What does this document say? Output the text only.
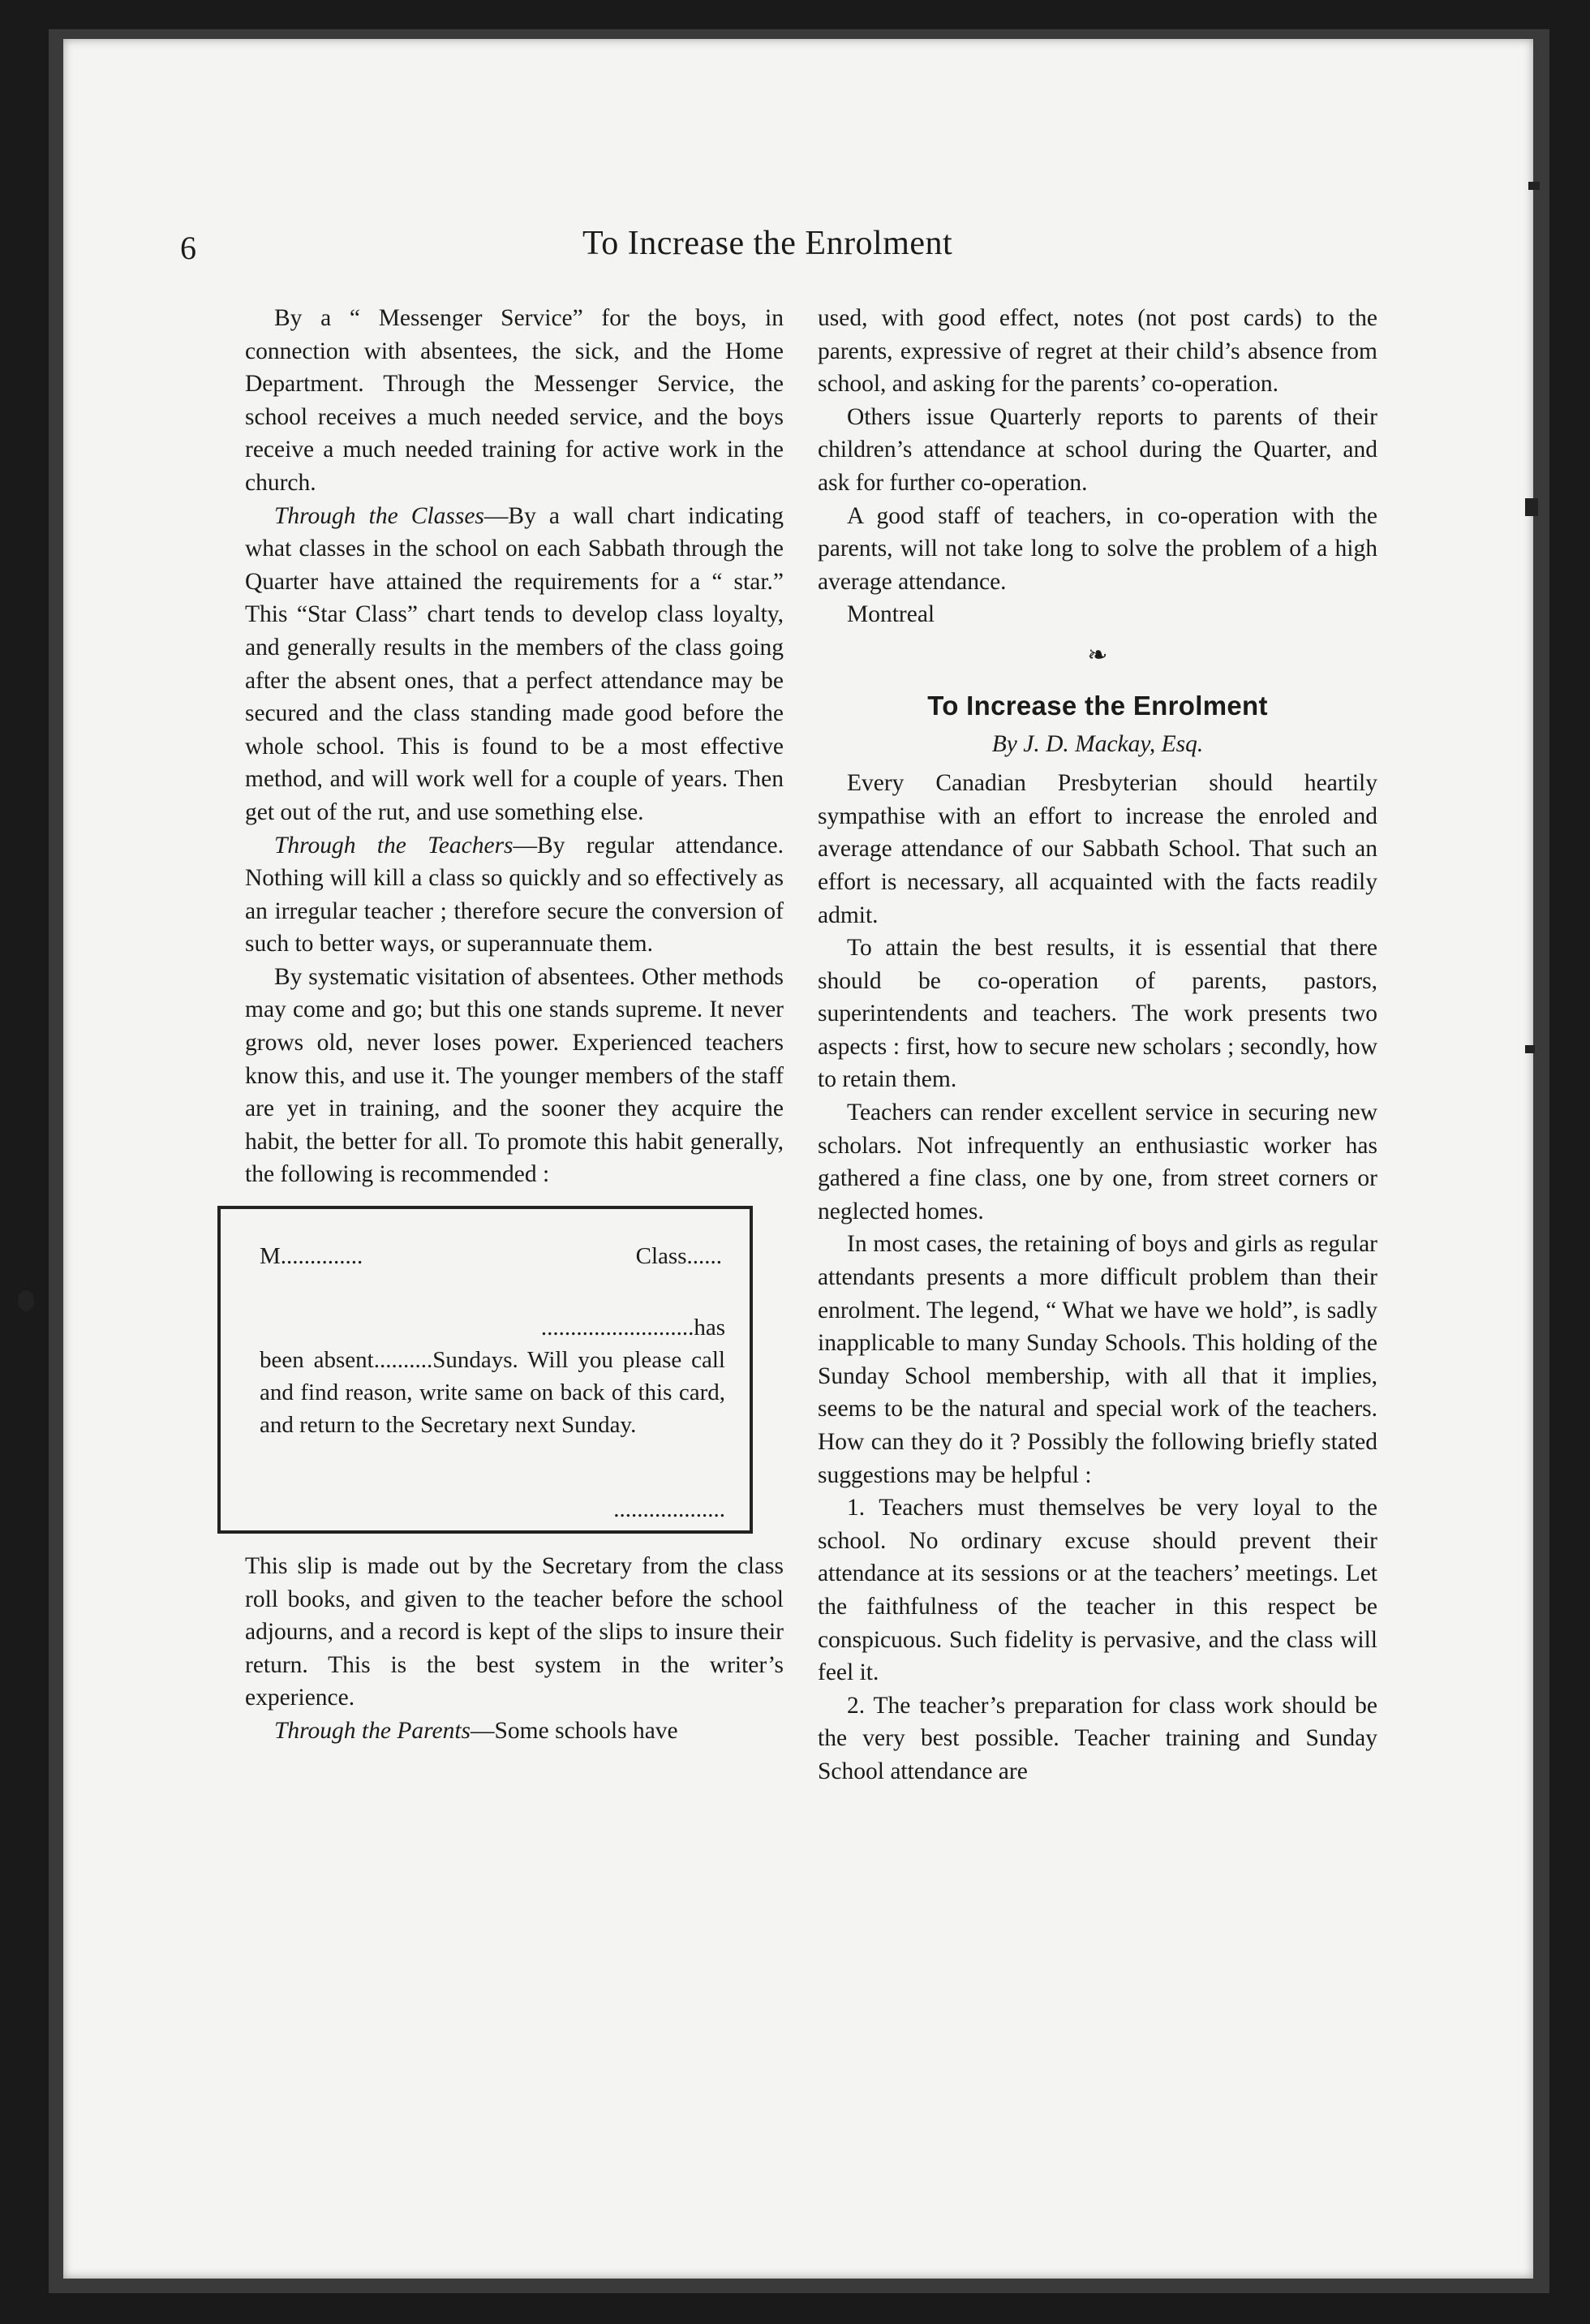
6	To Increase the Enrolment

By a “ Messenger Service” for the boys, in connection with absentees, the sick, and the Home Department. Through the Messenger Service, the school receives a much needed service, and the boys receive a much needed training for active work in the church.

Through the Classes—By a wall chart indicating what classes in the school on each Sabbath through the Quarter have attained the requirements for a “ star.” This “Star Class” chart tends to develop class loyalty, and generally results in the members of the class going after the absent ones, that a perfect attendance may be secured and the class standing made good before the whole school. This is found to be a most effective method, and will work well for a couple of years. Then get out of the rut, and use something else.

Through the Teachers—By regular attendance. Nothing will kill a class so quickly and so effectively as an irregular teacher ; therefore secure the conversion of such to better ways, or superannuate them.

By systematic visitation of absentees. Other methods may come and go; but this one stands supreme. It never grows old, never loses power. Experienced teachers know this, and use it. The younger members of the staff are yet in training, and the sooner they acquire the habit, the better for all. To promote this habit generally, the following is recommended :

M..............	Class......
..........................has
been absent..........Sundays. Will you please call and find reason, write same on back of this card, and return to the Secretary next Sunday.
...................

This slip is made out by the Secretary from the class roll books, and given to the teacher before the school adjourns, and a record is kept of the slips to insure their return. This is the best system in the writer’s experience.

Through the Parents—Some schools have

used, with good effect, notes (not post cards) to the parents, expressive of regret at their child’s absence from school, and asking for the parents’ co-operation.

Others issue Quarterly reports to parents of their children’s attendance at school during the Quarter, and ask for further co-operation.

A good staff of teachers, in co-operation with the parents, will not take long to solve the problem of a high average attendance.

Montreal

❧
To Increase the Enrolment
By J. D. Mackay, Esq.

Every Canadian Presbyterian should heartily sympathise with an effort to increase the enroled and average attendance of our Sabbath School. That such an effort is necessary, all acquainted with the facts readily admit.

To attain the best results, it is essential that there should be co-operation of parents, pastors, superintendents and teachers. The work presents two aspects : first, how to secure new scholars ; secondly, how to retain them.

Teachers can render excellent service in securing new scholars. Not infrequently an enthusiastic worker has gathered a fine class, one by one, from street corners or neglected homes.

In most cases, the retaining of boys and girls as regular attendants presents a more difficult problem than their enrolment. The legend, “ What we have we hold”, is sadly inapplicable to many Sunday Schools. This holding of the Sunday School membership, with all that it implies, seems to be the natural and special work of the teachers. How can they do it ? Possibly the following briefly stated suggestions may be helpful :

1. Teachers must themselves be very loyal to the school. No ordinary excuse should prevent their attendance at its sessions or at the teachers’ meetings. Let the faithfulness of the teacher in this respect be conspicuous. Such fidelity is pervasive, and the class will feel it.

2. The teacher’s preparation for class work should be the very best possible. Teacher training and Sunday School attendance are
